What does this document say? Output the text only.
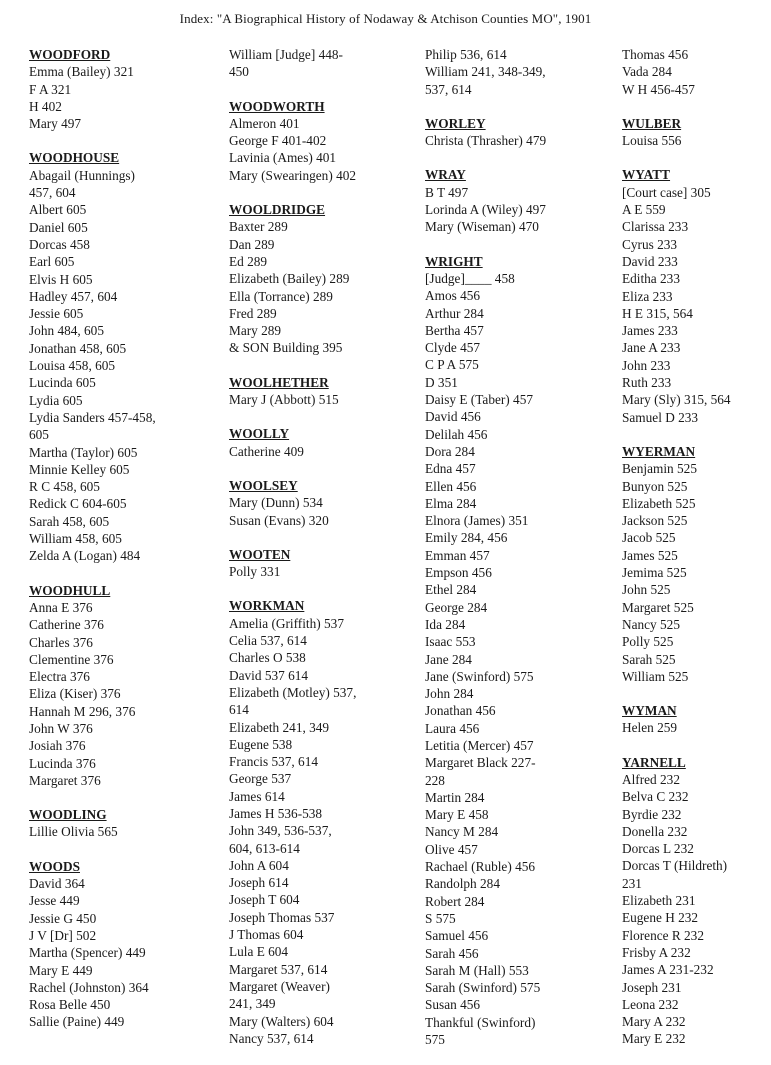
Index: "A Biographical History of Nodaway & Atchison Counties MO", 1901
WOODFORD
Emma (Bailey) 321
F A 321
H 402
Mary 497
WOODHOUSE
Abagail (Hunnings)
457, 604
Albert 605
Daniel 605
Dorcas 458
Earl 605
Elvis H 605
Hadley 457, 604
Jessie 605
John 484, 605
Jonathan 458, 605
Louisa 458, 605
Lucinda 605
Lydia 605
Lydia Sanders 457-458,
605
Martha (Taylor) 605
Minnie Kelley 605
R C 458, 605
Redick C 604-605
Sarah 458, 605
William 458, 605
Zelda A (Logan) 484
WOODHULL
Anna E 376
Catherine 376
Charles 376
Clementine 376
Electra 376
Eliza (Kiser) 376
Hannah M 296, 376
John W 376
Josiah 376
Lucinda 376
Margaret 376
WOODLING
Lillie Olivia 565
WOODS
David 364
Jesse 449
Jessie G 450
J V [Dr] 502
Martha (Spencer) 449
Mary E 449
Rachel (Johnston) 364
Rosa Belle 450
Sallie (Paine) 449
William [Judge] 448-
450
WOODWORTH
Almeron 401
George F 401-402
Lavinia (Ames) 401
Mary (Swearingen) 402
WOOLDRIDGE
Baxter 289
Dan 289
Ed 289
Elizabeth (Bailey) 289
Ella (Torrance) 289
Fred 289
Mary 289
& SON Building 395
WOOLHETHER
Mary J (Abbott) 515
WOOLLY
Catherine 409
WOOLSEY
Mary (Dunn) 534
Susan (Evans) 320
WOOTEN
Polly 331
WORKMAN
Amelia (Griffith) 537
Celia 537, 614
Charles O 538
David 537 614
Elizabeth (Motley) 537,
614
Elizabeth 241, 349
Eugene 538
Francis 537, 614
George 537
James 614
James H 536-538
John 349, 536-537,
604, 613-614
John A 604
Joseph 614
Joseph T 604
Joseph Thomas 537
J Thomas 604
Lula E 604
Margaret 537, 614
Margaret (Weaver)
241, 349
Mary (Walters) 604
Nancy 537, 614
Philip 536, 614
William 241, 348-349,
537, 614
WORLEY
Christa (Thrasher) 479
WRAY
B T 497
Lorinda A (Wiley) 497
Mary (Wiseman) 470
WRIGHT
[Judge]____ 458
Amos 456
Arthur 284
Bertha 457
Clyde 457
C P A 575
D 351
Daisy E (Taber) 457
David 456
Delilah 456
Dora 284
Edna 457
Ellen 456
Elma 284
Elnora (James) 351
Emily 284, 456
Emman 457
Empson 456
Ethel 284
George 284
Ida 284
Isaac 553
Jane 284
Jane (Swinford) 575
John 284
Jonathan 456
Laura 456
Letitia (Mercer) 457
Margaret Black 227-
228
Martin 284
Mary E 458
Nancy M 284
Olive 457
Rachael (Ruble) 456
Randolph 284
Robert 284
S 575
Samuel 456
Sarah 456
Sarah M (Hall) 553
Sarah (Swinford) 575
Susan 456
Thankful (Swinford)
575
Thomas 456
Vada 284
W H 456-457
WULBER
Louisa 556
WYATT
[Court case] 305
A E 559
Clarissa 233
Cyrus 233
David 233
Editha 233
Eliza 233
H E 315, 564
James 233
Jane A 233
John 233
Ruth 233
Mary (Sly) 315, 564
Samuel D 233
WYERMAN
Benjamin 525
Bunyon 525
Elizabeth 525
Jackson 525
Jacob 525
James 525
Jemima 525
John 525
Margaret 525
Nancy 525
Polly 525
Sarah 525
William 525
WYMAN
Helen 259
YARNELL
Alfred 232
Belva C 232
Byrdie 232
Donella 232
Dorcas L 232
Dorcas T (Hildreth)
231
Elizabeth 231
Eugene H 232
Florence R 232
Frisby A 232
James A 231-232
Joseph 231
Leona 232
Mary A 232
Mary E 232
